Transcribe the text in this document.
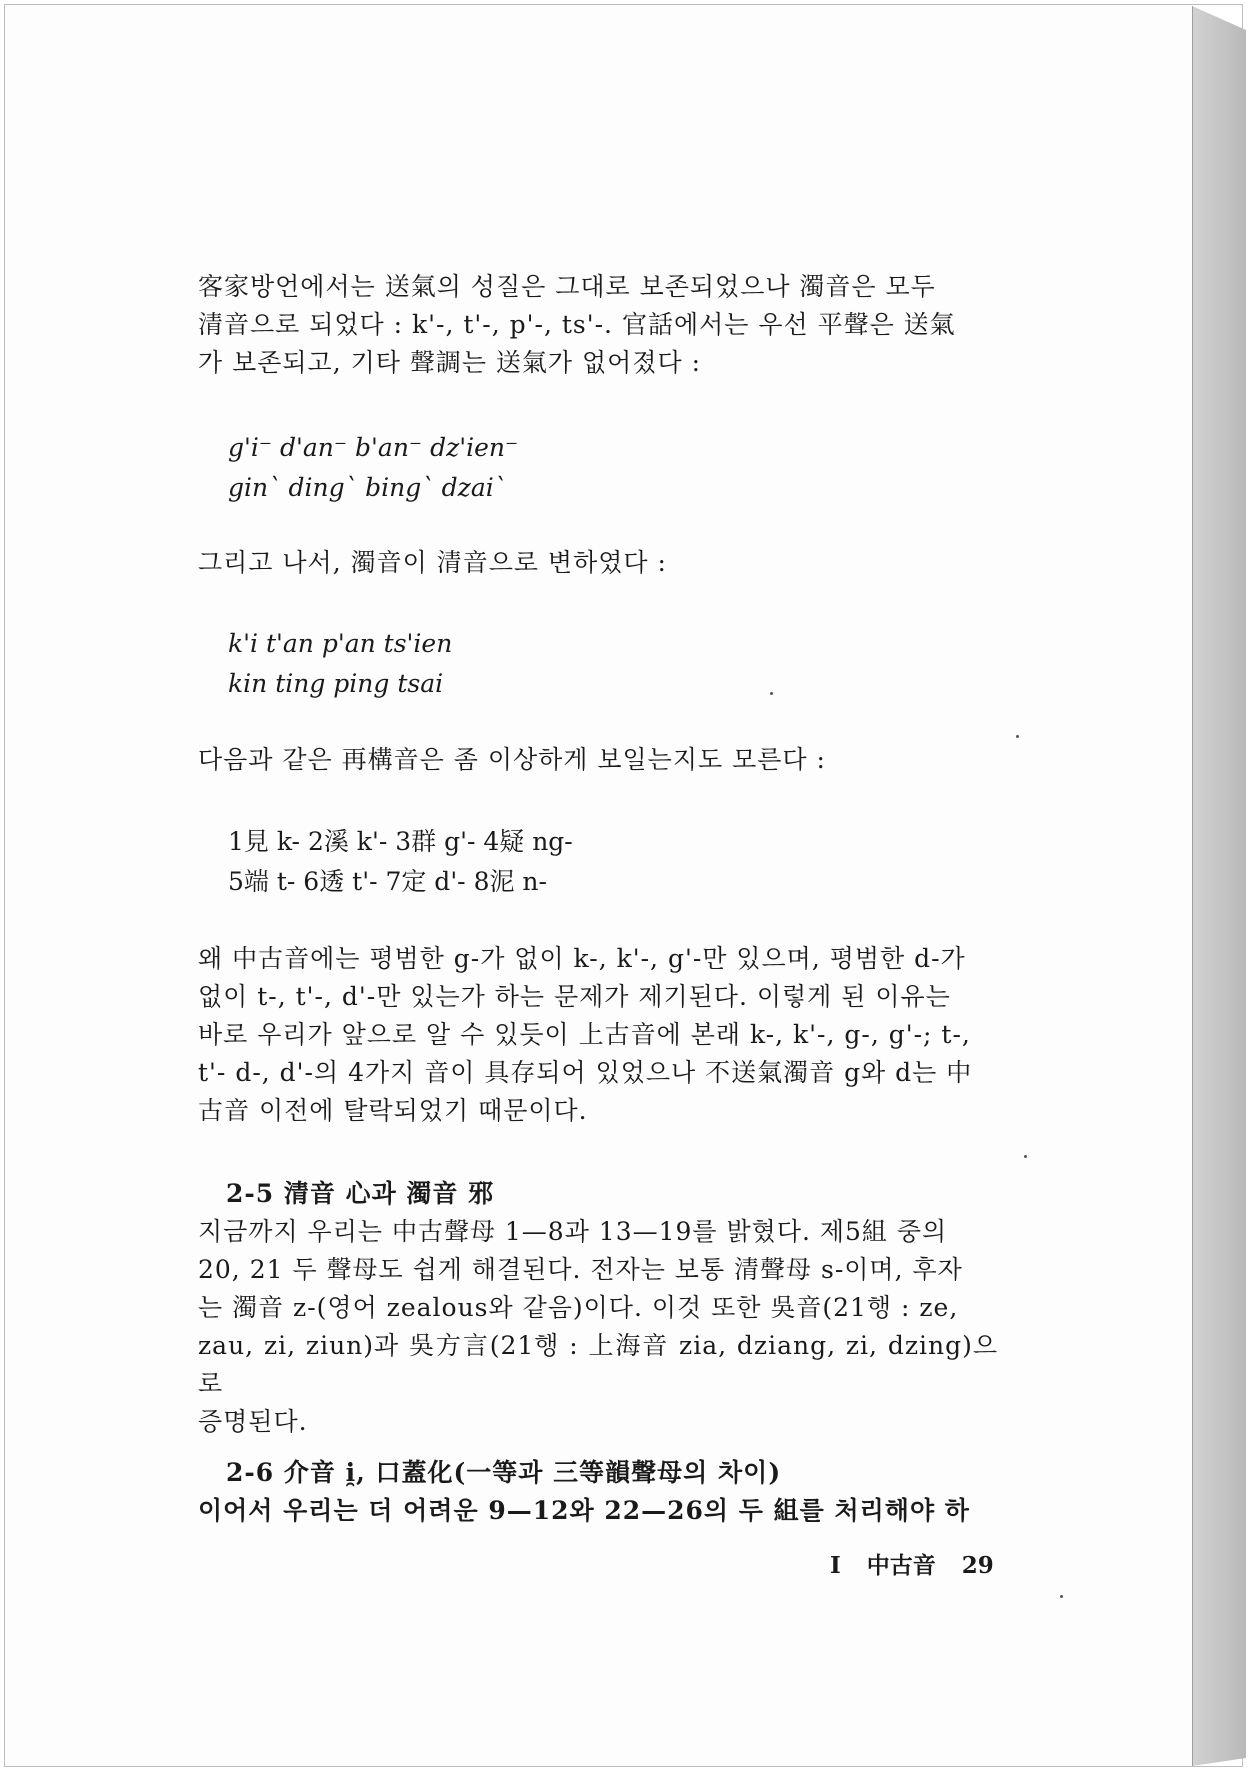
客家방언에서는 送氣의 성질은 그대로 보존되었으나 濁音은 모두

清音으로 되었다 : k'-, t'-, p'-, ts'-. 官話에서는 우선 平聲은 送氣

가 보존되고, 기타 聲調는 送氣가 없어졌다 :

g'i⁻ d'an⁻ b'an⁻ dz'ien⁻
gin` ding` bing` dzai`

그리고 나서, 濁音이 清音으로 변하였다 :

k'i t'an p'an ts'ien
kin ting ping tsai

다음과 같은 再構音은 좀 이상하게 보일는지도 모른다 :

1見 k- 2溪 k'- 3群 g'- 4疑 ng-
5端 t- 6透 t'- 7定 d'- 8泥 n-

왜 中古音에는 평범한 g-가 없이 k-, k'-, g'-만 있으며, 평범한 d-가

없이 t-, t'-, d'-만 있는가 하는 문제가 제기된다. 이렇게 된 이유는

바로 우리가 앞으로 알 수 있듯이 上古音에 본래 k-, k'-, g-, g'-; t-,

t'- d-, d'-의 4가지 音이 具存되어 있었으나 不送氣濁音 g와 d는 中

古音 이전에 탈락되었기 때문이다.

2-5 清音 心과 濁音 邪

지금까지 우리는 中古聲母 1—8과 13—19를 밝혔다. 제5組 중의

20, 21 두 聲母도 쉽게 해결된다. 전자는 보통 清聲母 s-이며, 후자

는 濁音 z-(영어 zealous와 같음)이다. 이것 또한 吳音(21행 : ze,

zau, zi, ziun)과 吳方言(21행 : 上海音 zia, dziang, zi, dzing)으로

증명된다.

2-6 介音 i̯, 口蓋化(一等과 三等韻聲母의 차이)

이어서 우리는 더 어려운 9—12와 22—26의 두 組를 처리해야 하

I 中古音 29
